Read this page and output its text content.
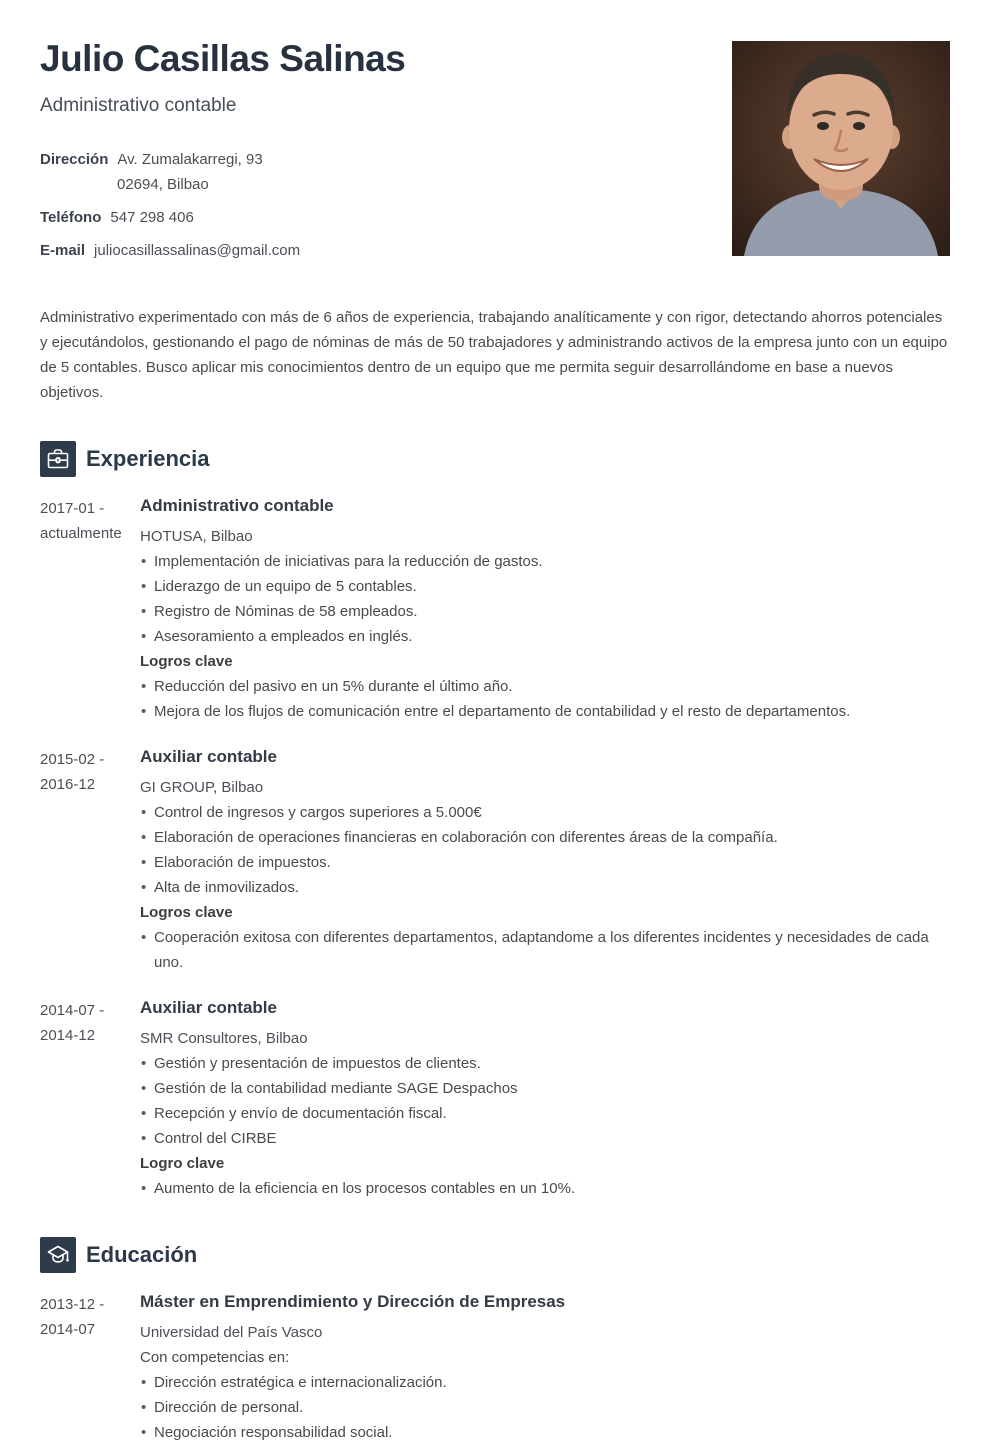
Julio Casillas Salinas
Administrativo contable
Dirección Av. Zumalakarregi, 93
02694, Bilbao
Teléfono 547 298 406
E-mail juliocasillassalinas@gmail.com

Administrativo experimentado con más de 6 años de experiencia, trabajando analíticamente y con rigor, detectando ahorros potenciales y ejecutándolos, gestionando el pago de nóminas de más de 50 trabajadores y administrando activos de la empresa junto con un equipo de 5 contables. Busco aplicar mis conocimientos dentro de un equipo que me permita seguir desarrollándome en base a nuevos objetivos.

Experiencia
2017-01 -
actualmente
Administrativo contable
HOTUSA, Bilbao
• Implementación de iniciativas para la reducción de gastos.
• Liderazgo de un equipo de 5 contables.
• Registro de Nóminas de 58 empleados.
• Asesoramiento a empleados en inglés.
Logros clave
• Reducción del pasivo en un 5% durante el último año.
• Mejora de los flujos de comunicación entre el departamento de contabilidad y el resto de departamentos.
2015-02 -
2016-12
Auxiliar contable
GI GROUP, Bilbao
• Control de ingresos y cargos superiores a 5.000€
• Elaboración de operaciones financieras en colaboración con diferentes áreas de la compañía.
• Elaboración de impuestos.
• Alta de inmovilizados.
Logros clave
• Cooperación exitosa con diferentes departamentos, adaptandome a los diferentes incidentes y necesidades de cada uno.
2014-07 -
2014-12
Auxiliar contable
SMR Consultores, Bilbao
• Gestión y presentación de impuestos de clientes.
• Gestión de la contabilidad mediante SAGE Despachos
• Recepción y envío de documentación fiscal.
• Control del CIRBE
Logro clave
• Aumento de la eficiencia en los procesos contables en un 10%.
Educación
2013-12 -
2014-07
Máster en Emprendimiento y Dirección de Empresas
Universidad del País Vasco
Con competencias en:
• Dirección estratégica e internacionalización.
• Dirección de personal.
• Negociación responsabilidad social.
